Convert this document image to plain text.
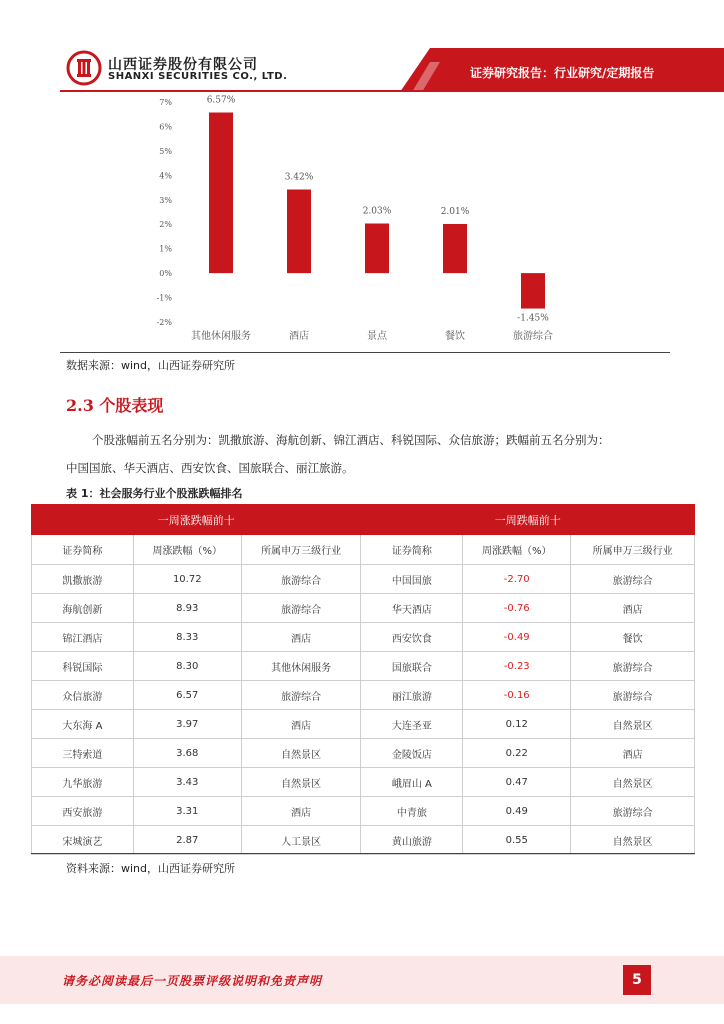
山西证券股份有限公司
SHANXI SECURITIES CO., LTD.	证券研究报告：行业研究/定期报告
7%
6%
5%
4%
3%
2%
1%
0%
-1%
-2%
6.57%
其他休闲服务
3.42%
酒店
2.03%
景点
2.01%
餐饮
-1.45%
旅游综合
数据来源：wind，山西证券研究所
2.3 个股表现
个股涨幅前五名分别为：凯撒旅游、海航创新、锦江酒店、科锐国际、众信旅游；跌幅前五名分别为：
中国国旅、华天酒店、西安饮食、国旅联合、丽江旅游。
表 1：社会服务行业个股涨跌幅排名
一周涨跌幅前十			一周跌幅前十		
证券简称	周涨跌幅（%）	所属申万三级行业	证券简称	周涨跌幅（%）	所属申万三级行业
凯撒旅游	10.72	旅游综合	中国国旅	-2.70	旅游综合
海航创新	8.93	旅游综合	华天酒店	-0.76	酒店
锦江酒店	8.33	酒店	西安饮食	-0.49	餐饮
科锐国际	8.30	其他休闲服务	国旅联合	-0.23	旅游综合
众信旅游	6.57	旅游综合	丽江旅游	-0.16	旅游综合
大东海 A	3.97	酒店	大连圣亚	0.12	自然景区
三特索道	3.68	自然景区	金陵饭店	0.22	酒店
九华旅游	3.43	自然景区	峨眉山 A	0.47	自然景区
西安旅游	3.31	酒店	中青旅	0.49	旅游综合
宋城演艺	2.87	人工景区	黄山旅游	0.55	自然景区
资料来源：wind，山西证券研究所
请务必阅读最后一页股票评级说明和免责声明	5
